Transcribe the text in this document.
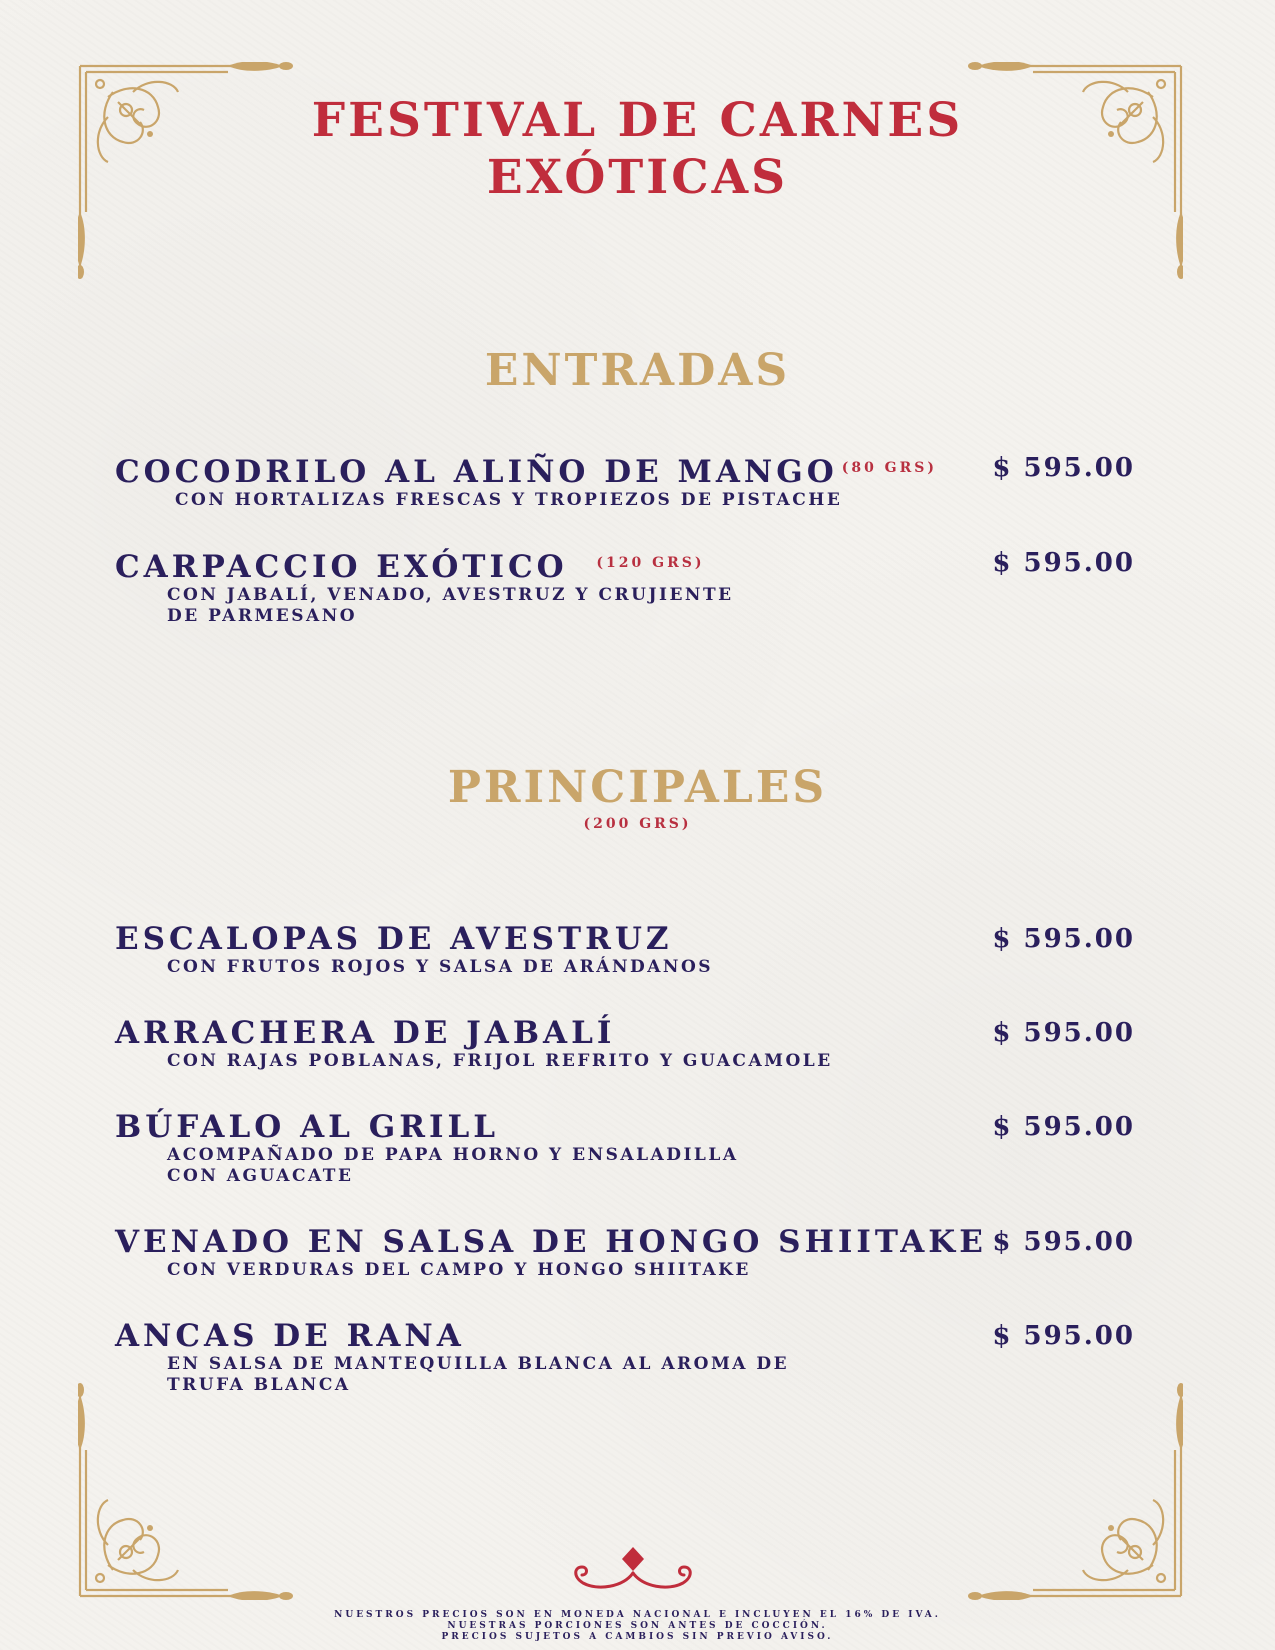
FESTIVAL DE CARNES
EXÓTICAS
ENTRADAS
COCODRILO AL ALIÑO DE MANGO $^{(80 GRS)}$
CON HORTALIZAS FRESCAS Y TROPIEZOS DE PISTACHE
$ 595.00
CARPACCIO EXÓTICO $^{(120 GRS)}$
CON JABALÍ, VENADO, AVESTRUZ Y CRUJIENTE
DE PARMESANO
$ 595.00
PRINCIPALES
(200 GRS)
ESCALOPAS DE AVESTRUZ
CON FRUTOS ROJOS Y SALSA DE ARÁNDANOS
$ 595.00
ARRACHERA DE JABALÍ
CON RAJAS POBLANAS, FRIJOL REFRITO Y GUACAMOLE
$ 595.00
BÚFALO AL GRILL
ACOMPAÑADO DE PAPA HORNO Y ENSALADILLA
CON AGUACATE
$ 595.00
VENADO EN SALSA DE HONGO SHIITAKE
CON VERDURAS DEL CAMPO Y HONGO SHIITAKE
$ 595.00
ANCAS DE RANA
EN SALSA DE MANTEQUILLA BLANCA AL AROMA DE
TRUFA BLANCA
$ 595.00
NUESTROS PRECIOS SON EN MONEDA NACIONAL E INCLUYEN EL 16% DE IVA.
NUESTRAS PORCIONES SON ANTES DE COCCIÓN.
PRECIOS SUJETOS A CAMBIOS SIN PREVIO AVISO.
